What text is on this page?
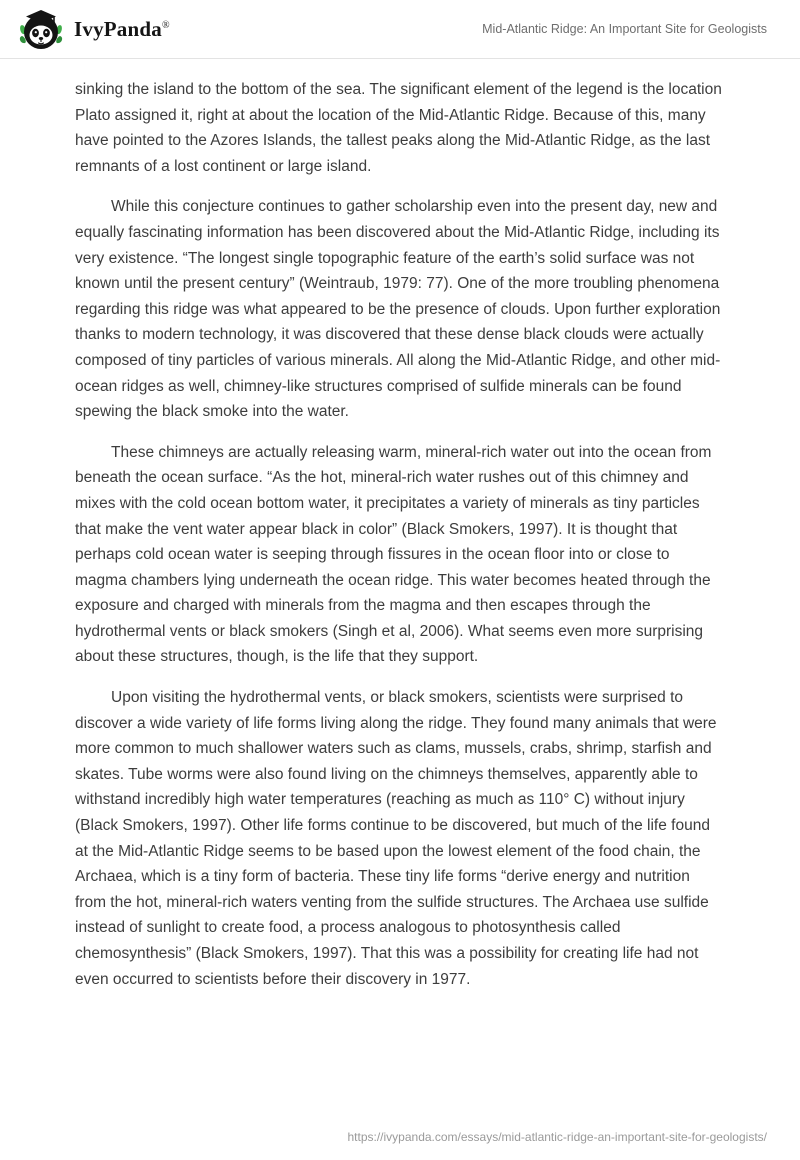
IvyPanda®	Mid-Atlantic Ridge: An Important Site for Geologists

sinking the island to the bottom of the sea. The significant element of the legend is the location Plato assigned it, right at about the location of the Mid-Atlantic Ridge. Because of this, many have pointed to the Azores Islands, the tallest peaks along the Mid-Atlantic Ridge, as the last remnants of a lost continent or large island.

While this conjecture continues to gather scholarship even into the present day, new and equally fascinating information has been discovered about the Mid-Atlantic Ridge, including its very existence. “The longest single topographic feature of the earth’s solid surface was not known until the present century” (Weintraub, 1979: 77). One of the more troubling phenomena regarding this ridge was what appeared to be the presence of clouds. Upon further exploration thanks to modern technology, it was discovered that these dense black clouds were actually composed of tiny particles of various minerals. All along the Mid-Atlantic Ridge, and other mid-ocean ridges as well, chimney-like structures comprised of sulfide minerals can be found spewing the black smoke into the water.

These chimneys are actually releasing warm, mineral-rich water out into the ocean from beneath the ocean surface. “As the hot, mineral-rich water rushes out of this chimney and mixes with the cold ocean bottom water, it precipitates a variety of minerals as tiny particles that make the vent water appear black in color” (Black Smokers, 1997). It is thought that perhaps cold ocean water is seeping through fissures in the ocean floor into or close to magma chambers lying underneath the ocean ridge. This water becomes heated through the exposure and charged with minerals from the magma and then escapes through the hydrothermal vents or black smokers (Singh et al, 2006). What seems even more surprising about these structures, though, is the life that they support.

Upon visiting the hydrothermal vents, or black smokers, scientists were surprised to discover a wide variety of life forms living along the ridge. They found many animals that were more common to much shallower waters such as clams, mussels, crabs, shrimp, starfish and skates. Tube worms were also found living on the chimneys themselves, apparently able to withstand incredibly high water temperatures (reaching as much as 110° C) without injury (Black Smokers, 1997). Other life forms continue to be discovered, but much of the life found at the Mid-Atlantic Ridge seems to be based upon the lowest element of the food chain, the Archaea, which is a tiny form of bacteria. These tiny life forms “derive energy and nutrition from the hot, mineral-rich waters venting from the sulfide structures. The Archaea use sulfide instead of sunlight to create food, a process analogous to photosynthesis called chemosynthesis” (Black Smokers, 1997). That this was a possibility for creating life had not even occurred to scientists before their discovery in 1977.

https://ivypanda.com/essays/mid-atlantic-ridge-an-important-site-for-geologists/
